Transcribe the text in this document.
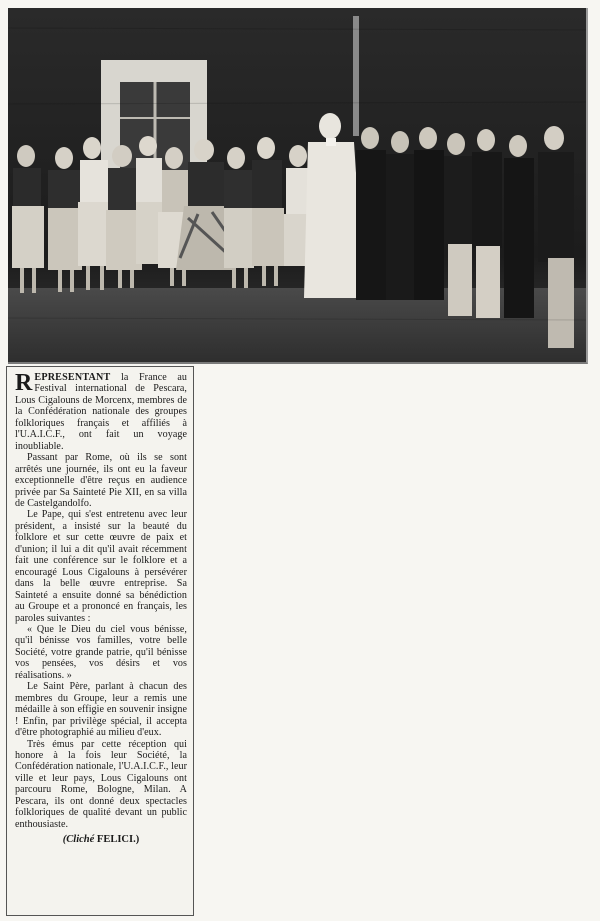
REPRESENTANT la France au Festival international de Pescara, Lous Cigalouns de Morcenx, membres de la Confédération nationale des groupes folkloriques français et affiliés à l'U.A.I.C.F., ont fait un voyage inoubliable.

Passant par Rome, où ils se sont arrêtés une journée, ils ont eu la faveur exceptionnelle d'être reçus en audience privée par Sa Sainteté Pie XII, en sa villa de Castelgandolfo.

Le Pape, qui s'est entretenu avec leur président, a insisté sur la beauté du folklore et sur cette œuvre de paix et d'union; il lui a dit qu'il avait récemment fait une conférence sur le folklore et a encouragé Lous Cigalouns à persévérer dans la belle œuvre entreprise. Sa Sainteté a ensuite donné sa bénédiction au Groupe et a prononcé en français, les paroles suivantes :

« Que le Dieu du ciel vous bénisse, qu'il bénisse vos familles, votre belle Société, votre grande patrie, qu'il bénisse vos pensées, vos désirs et vos réalisations. »

Le Saint Père, parlant à chacun des membres du Groupe, leur a remis une médaille à son effigie en souvenir insigne ! Enfin, par privilège spécial, il accepta d'être photographié au milieu d'eux.

Très émus par cette réception qui honore à la fois leur Société, la Confédération nationale, l'U.A.I.C.F., leur ville et leur pays, Lous Cigalouns ont parcouru Rome, Bologne, Milan. A Pescara, ils ont donné deux spectacles folkloriques de qualité devant un public enthousiaste.

(Cliché FELICI.)
